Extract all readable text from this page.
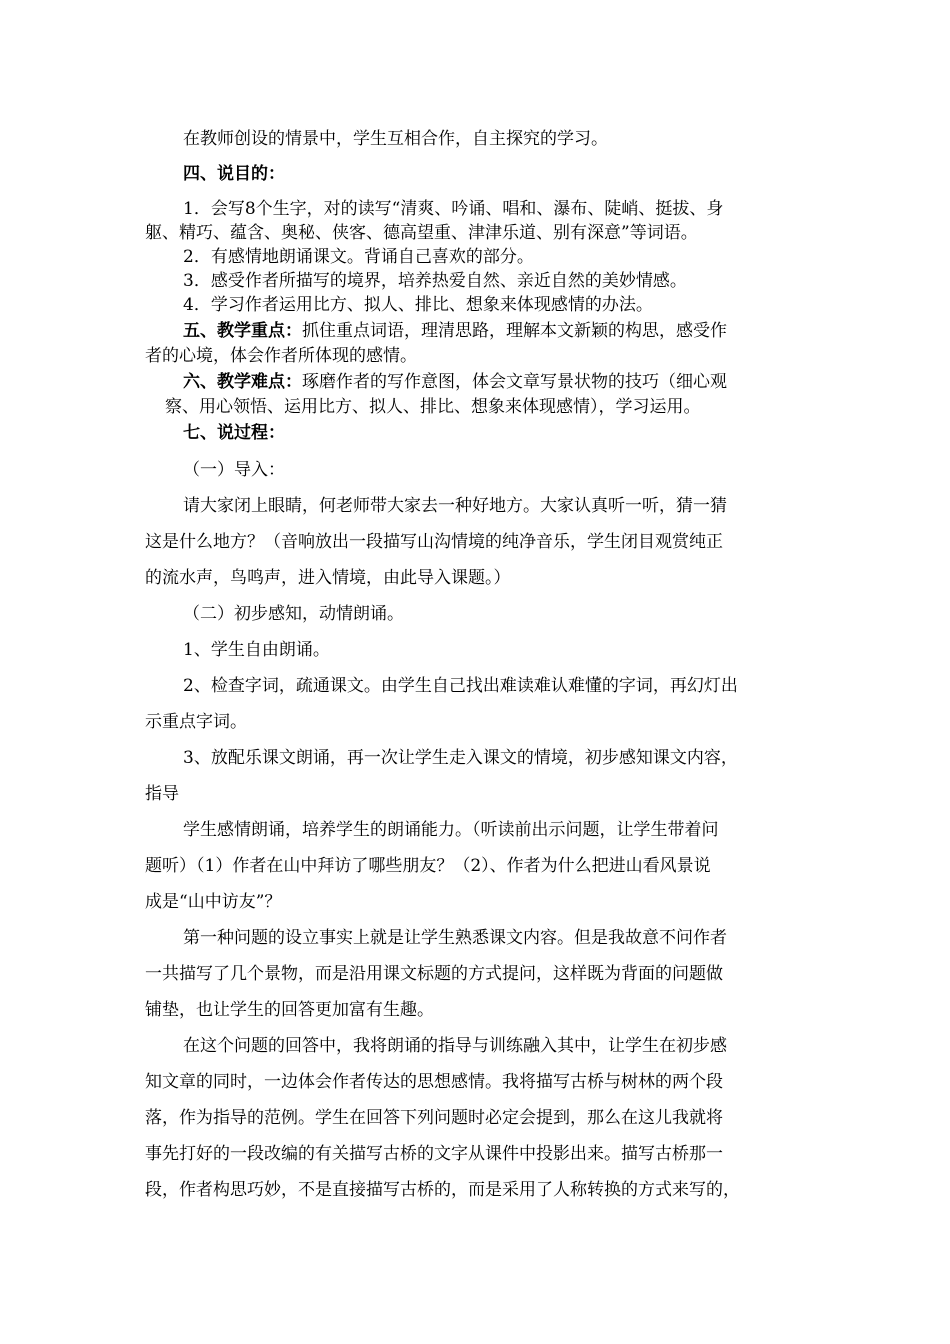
在教师创设的情景中，学生互相合作，自主探究的学习。
四、说目的：
1．会写8个生字，对的读写“清爽、吟诵、唱和、瀑布、陡峭、挺拔、身
躯、精巧、蕴含、奥秘、侠客、德高望重、津津乐道、别有深意”等词语。
2．有感情地朗诵课文。背诵自己喜欢的部分。
3．感受作者所描写的境界，培养热爱自然、亲近自然的美妙情感。
4．学习作者运用比方、拟人、排比、想象来体现感情的办法。
五、教学重点：抓住重点词语，理清思路，理解本文新颖的构思，感受作
者的心境，体会作者所体现的感情。
六、教学难点：琢磨作者的写作意图，体会文章写景状物的技巧（细心观
察、用心领悟、运用比方、拟人、排比、想象来体现感情），学习运用。
七、说过程：
（一）导入：
请大家闭上眼睛，何老师带大家去一种好地方。大家认真听一听，猜一猜
这是什么地方？（音响放出一段描写山沟情境的纯净音乐，学生闭目观赏纯正
的流水声，鸟鸣声，进入情境，由此导入课题。）
（二）初步感知，动情朗诵。
1、学生自由朗诵。
2、检查字词，疏通课文。由学生自己找出难读难认难懂的字词，再幻灯出
示重点字词。
3、放配乐课文朗诵，再一次让学生走入课文的情境，初步感知课文内容，
指导
学生感情朗诵，培养学生的朗诵能力。（听读前出示问题，让学生带着问
题听）（1）作者在山中拜访了哪些朋友？（2）、作者为什么把进山看风景说
成是“山中访友”？
第一种问题的设立事实上就是让学生熟悉课文内容。但是我故意不问作者
一共描写了几个景物，而是沿用课文标题的方式提问，这样既为背面的问题做
铺垫，也让学生的回答更加富有生趣。
在这个问题的回答中，我将朗诵的指导与训练融入其中，让学生在初步感
知文章的同时，一边体会作者传达的思想感情。我将描写古桥与树林的两个段
落，作为指导的范例。学生在回答下列问题时必定会提到，那么在这儿我就将
事先打好的一段改编的有关描写古桥的文字从课件中投影出来。描写古桥那一
段，作者构思巧妙，不是直接描写古桥的，而是采用了人称转换的方式来写的，
